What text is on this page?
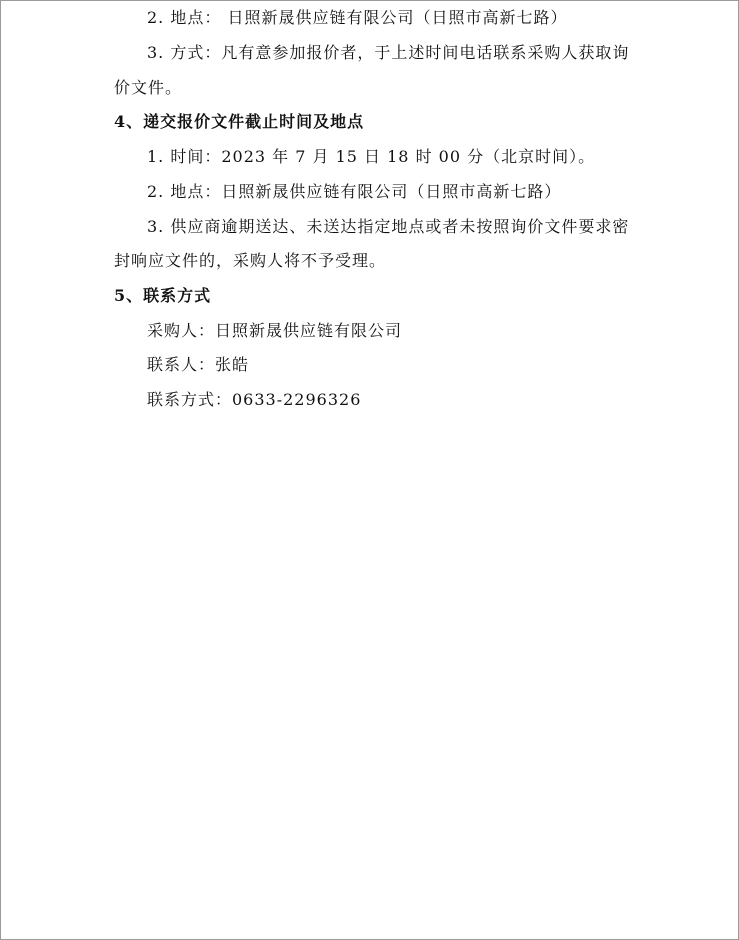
2. 地点： 日照新晟供应链有限公司（日照市高新七路）
3. 方式：凡有意参加报价者，于上述时间电话联系采购人获取询
价文件。
4、递交报价文件截止时间及地点
1. 时间：2023 年 7 月 15 日 18 时 00 分（北京时间）。
2. 地点：日照新晟供应链有限公司（日照市高新七路）
3. 供应商逾期送达、未送达指定地点或者未按照询价文件要求密
封响应文件的，采购人将不予受理。
5、联系方式
采购人：日照新晟供应链有限公司
联系人：张皓
联系方式：0633-2296326
